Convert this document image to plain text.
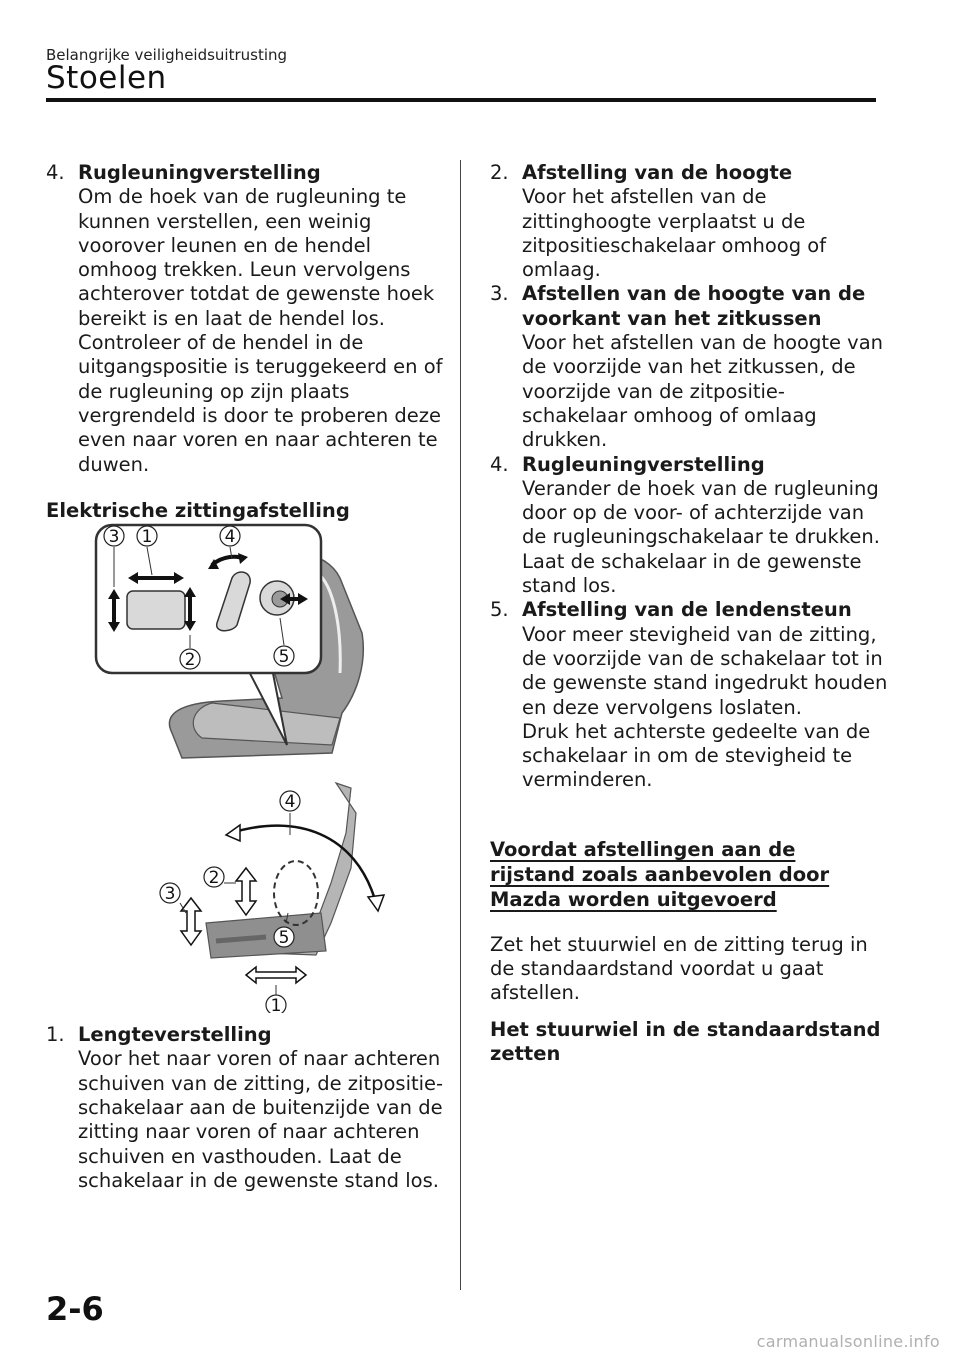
Belangrijke veiligheidsuitrusting
Stoelen
4. Rugleuningverstelling
Om de hoek van de rugleuning te kunnen verstellen, een weinig voorover leunen en de hendel omhoog trekken. Leun vervolgens achterover totdat de gewenste hoek bereikt is en laat de hendel los.
Controleer of de hendel in de uitgangspositie is teruggekeerd en of de rugleuning op zijn plaats vergrendeld is door te proberen deze even naar voren en naar achteren te duwen.
Elektrische zittingafstelling
3 1	4
2	5
4
2
3
5
1
1. Lengteverstelling
Voor het naar voren of naar achteren schuiven van de zitting, de zitpositie-schakelaar aan de buitenzijde van de zitting naar voren of naar achteren schuiven en vasthouden. Laat de schakelaar in de gewenste stand los.
2. Afstelling van de hoogte
Voor het afstellen van de zittinghoogte verplaatst u de zitpositieschakelaar omhoog of omlaag.
3. Afstellen van de hoogte van de voorkant van het zitkussen
Voor het afstellen van de hoogte van de voorzijde van het zitkussen, de voorzijde van de zitpositie-schakelaar omhoog of omlaag drukken.
4. Rugleuningverstelling
Verander de hoek van de rugleuning door op de voor- of achterzijde van de rugleuningschakelaar te drukken. Laat de schakelaar in de gewenste stand los.
5. Afstelling van de lendensteun
Voor meer stevigheid van de zitting, de voorzijde van de schakelaar tot in de gewenste stand ingedrukt houden en deze vervolgens loslaten.
Druk het achterste gedeelte van de schakelaar in om de stevigheid te verminderen.
Voordat afstellingen aan de rijstand zoals aanbevolen door Mazda worden uitgevoerd
Zet het stuurwiel en de zitting terug in de standaardstand voordat u gaat afstellen.
Het stuurwiel in de standaardstand zetten
2-6
carmanualsonline.info
